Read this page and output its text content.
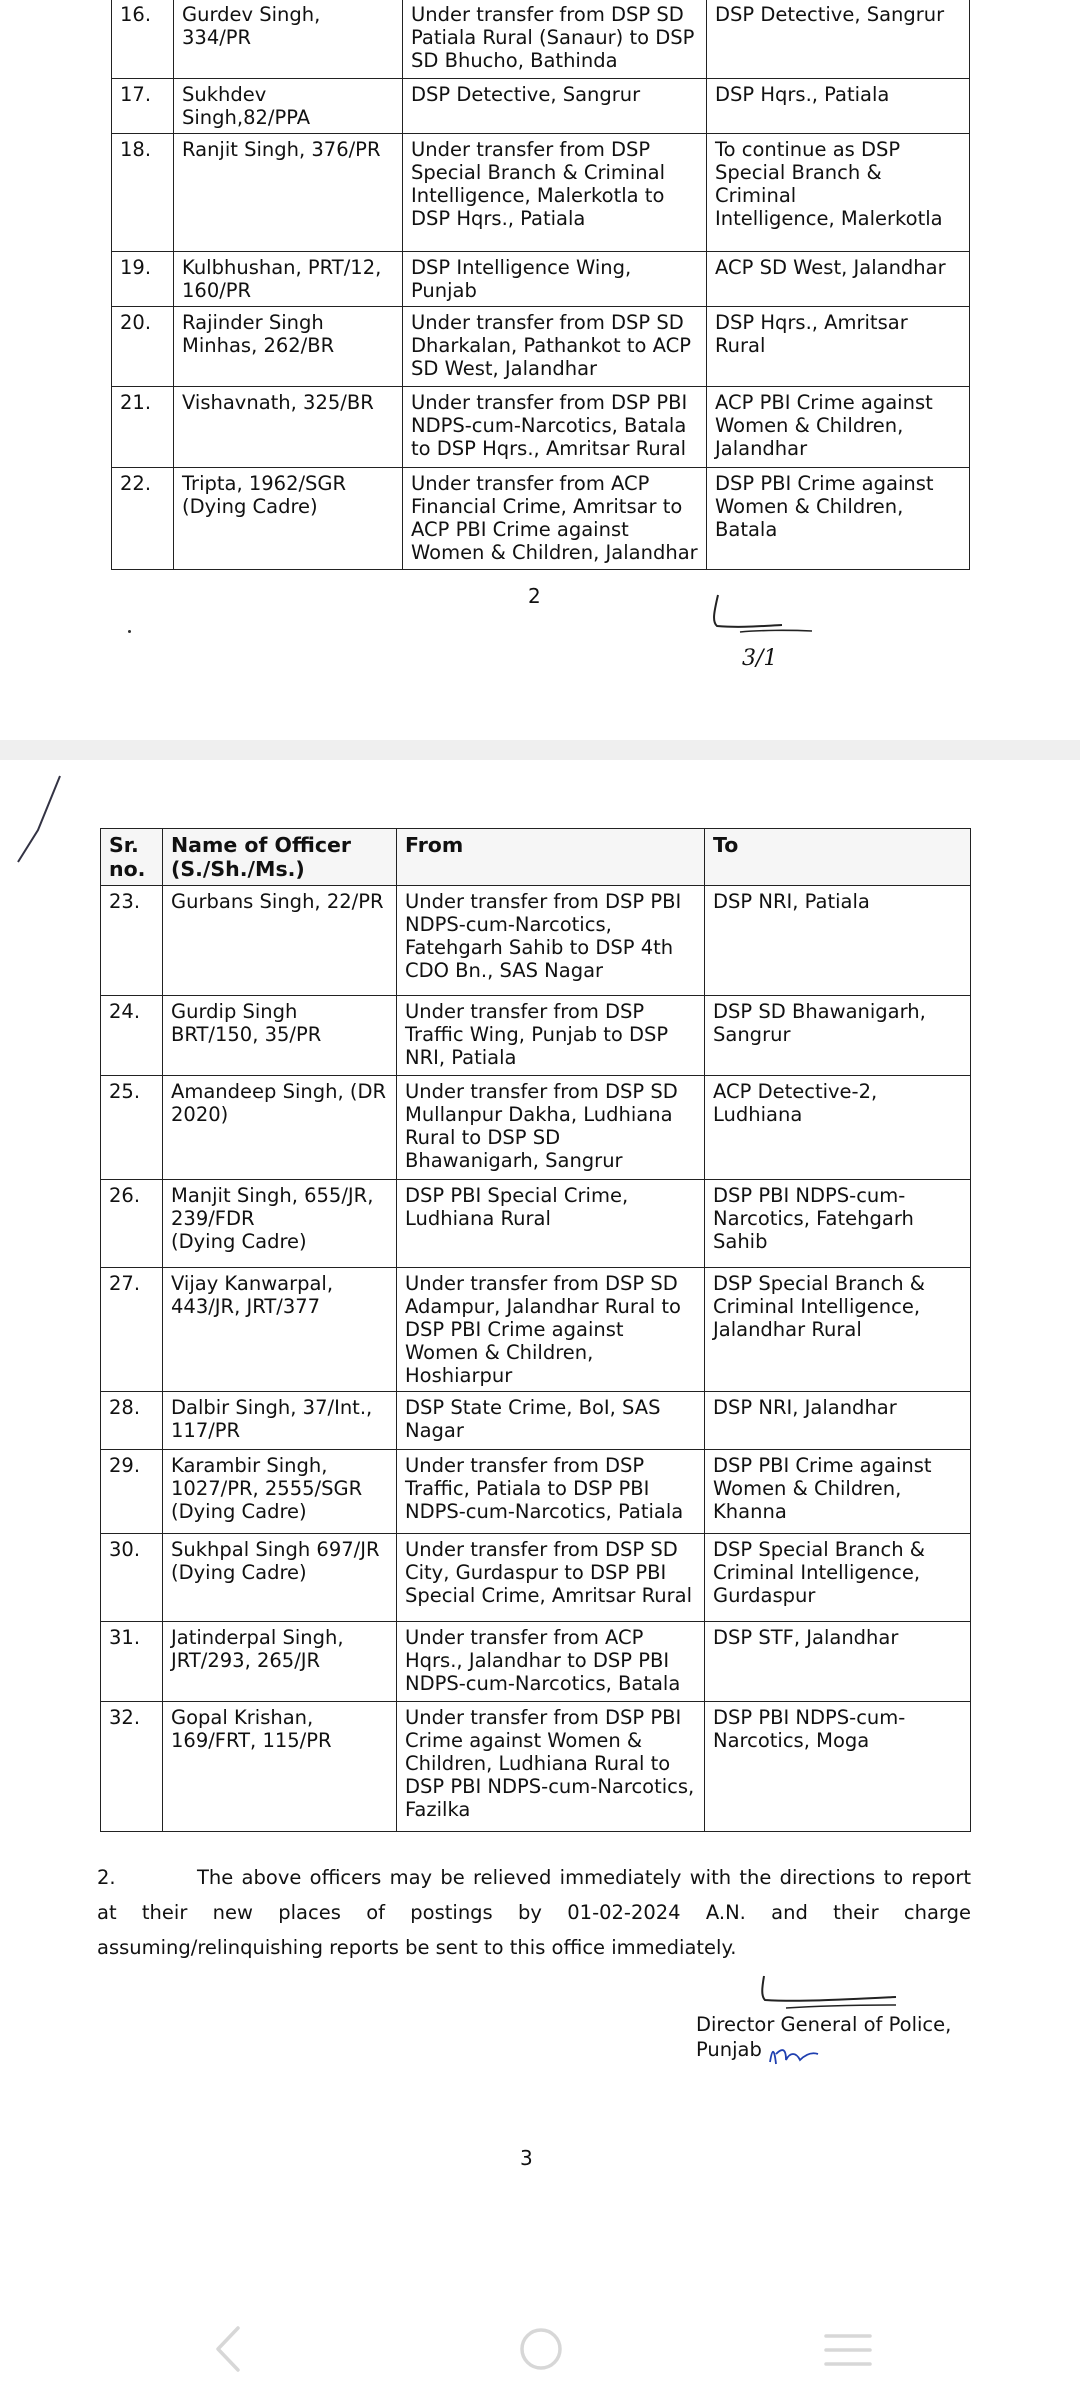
16.	Gurdev Singh, 334/PR	Under transfer from DSP SD
Patiala Rural (Sanaur) to DSP
SD Bhucho, Bathinda	DSP Detective, Sangrur
17.	Sukhdev Singh,82/PPA	DSP Detective, Sangrur	DSP Hqrs., Patiala
18.	Ranjit Singh, 376/PR	Under transfer from DSP
Special Branch & Criminal
Intelligence, Malerkotla to
DSP Hqrs., Patiala	To continue as DSP
Special Branch & Criminal
Intelligence, Malerkotla
19.	Kulbhushan, PRT/12,
160/PR	DSP Intelligence Wing, Punjab	ACP SD West, Jalandhar
20.	Rajinder Singh
Minhas, 262/BR	Under transfer from DSP SD
Dharkalan, Pathankot to ACP
SD West, Jalandhar	DSP Hqrs., Amritsar
Rural
21.	Vishavnath, 325/BR	Under transfer from DSP PBI
NDPS-cum-Narcotics, Batala
to DSP Hqrs., Amritsar Rural	ACP PBI Crime against
Women & Children,
Jalandhar
22.	Tripta, 1962/SGR
(Dying Cadre)	Under transfer from ACP
Financial Crime, Amritsar to
ACP PBI Crime against
Women & Children, Jalandhar	DSP PBI Crime against
Women & Children,
Batala
2
3/1
Sr.
no.	Name of Officer
(S./Sh./Ms.)	From	To
23.	Gurbans Singh, 22/PR	Under transfer from DSP PBI
NDPS-cum-Narcotics,
Fatehgarh Sahib to DSP 4th
CDO Bn., SAS Nagar	DSP NRI, Patiala
24.	Gurdip Singh
BRT/150, 35/PR	Under transfer from DSP
Traffic Wing, Punjab to DSP
NRI, Patiala	DSP SD Bhawanigarh,
Sangrur
25.	Amandeep Singh, (DR
2020)	Under transfer from DSP SD
Mullanpur Dakha, Ludhiana
Rural to DSP SD
Bhawanigarh, Sangrur	ACP Detective-2,
Ludhiana
26.	Manjit Singh, 655/JR,
239/FDR
(Dying Cadre)	DSP PBI Special Crime,
Ludhiana Rural	DSP PBI NDPS-cum-
Narcotics, Fatehgarh
Sahib
27.	Vijay Kanwarpal,
443/JR, JRT/377	Under transfer from DSP SD
Adampur, Jalandhar Rural to
DSP PBI Crime against
Women & Children,
Hoshiarpur	DSP Special Branch &
Criminal Intelligence,
Jalandhar Rural
28.	Dalbir Singh, 37/Int.,
117/PR	DSP State Crime, BoI, SAS
Nagar	DSP NRI, Jalandhar
29.	Karambir Singh,
1027/PR, 2555/SGR
(Dying Cadre)	Under transfer from DSP
Traffic, Patiala to DSP PBI
NDPS-cum-Narcotics, Patiala	DSP PBI Crime against
Women & Children,
Khanna
30.	Sukhpal Singh 697/JR
(Dying Cadre)	Under transfer from DSP SD
City, Gurdaspur to DSP PBI
Special Crime, Amritsar Rural	DSP Special Branch &
Criminal Intelligence,
Gurdaspur
31.	Jatinderpal Singh,
JRT/293, 265/JR	Under transfer from ACP
Hqrs., Jalandhar to DSP PBI
NDPS-cum-Narcotics, Batala	DSP STF, Jalandhar
32.	Gopal Krishan,
169/FRT, 115/PR	Under transfer from DSP PBI
Crime against Women &
Children, Ludhiana Rural to
DSP PBI NDPS-cum-Narcotics,
Fazilka	DSP PBI NDPS-cum-
Narcotics, Moga
2.	The above officers may be relieved immediately with the directions to report at their new places of postings by 01-02-2024 A.N. and their charge assuming/relinquishing reports be sent to this office immediately.
Director General of Police,
Punjab
3
